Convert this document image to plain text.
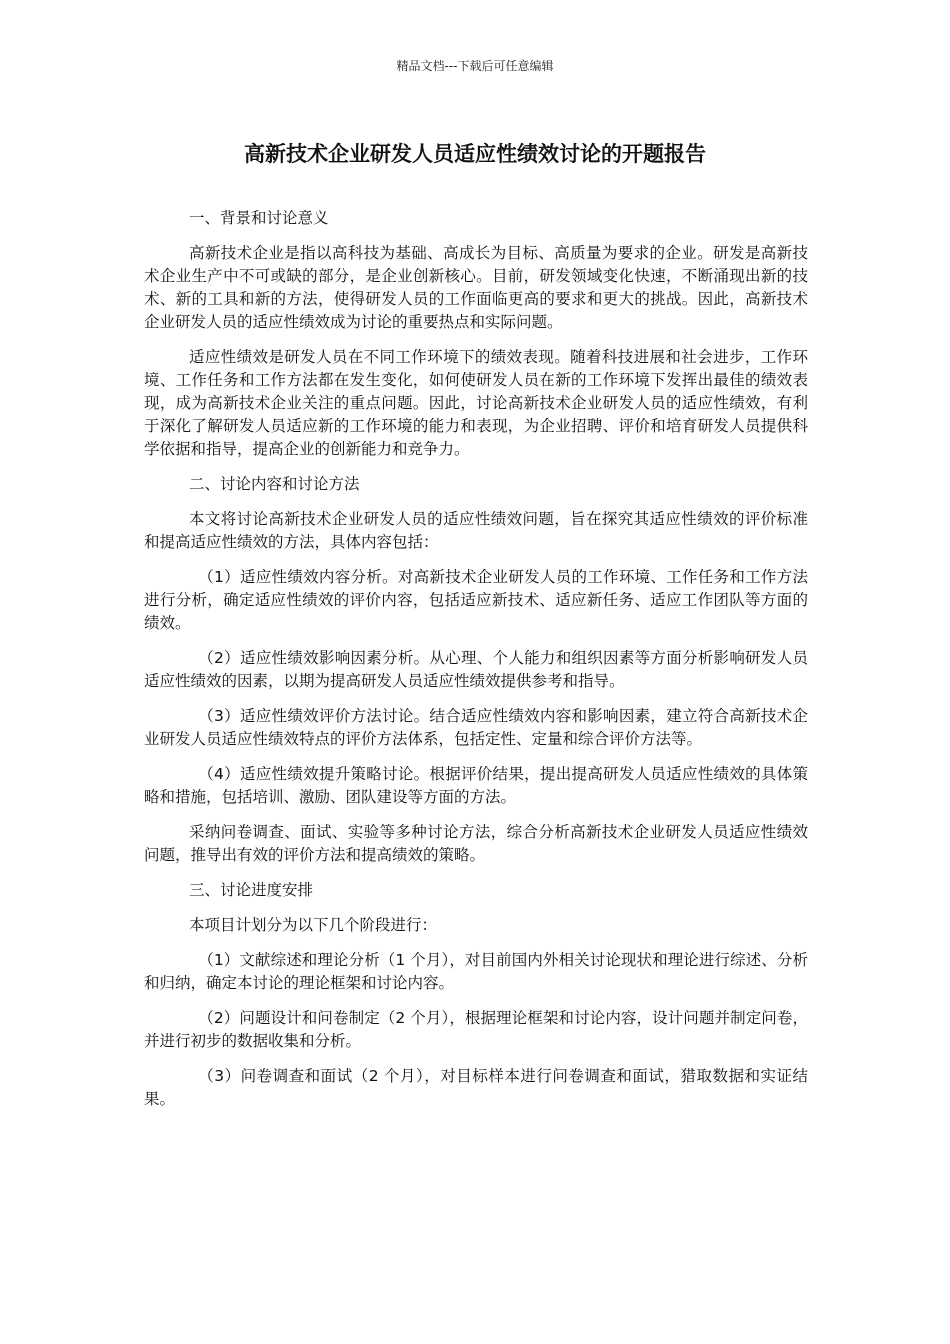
精品文档---下载后可任意编辑
高新技术企业研发人员适应性绩效讨论的开题报告

一、背景和讨论意义

高新技术企业是指以高科技为基础、高成长为目标、高质量为要求的企业。研发是高新技术企业生产中不可或缺的部分，是企业创新核心。目前，研发领域变化快速，不断涌现出新的技术、新的工具和新的方法，使得研发人员的工作面临更高的要求和更大的挑战。因此，高新技术企业研发人员的适应性绩效成为讨论的重要热点和实际问题。

适应性绩效是研发人员在不同工作环境下的绩效表现。随着科技进展和社会进步，工作环境、工作任务和工作方法都在发生变化，如何使研发人员在新的工作环境下发挥出最佳的绩效表现，成为高新技术企业关注的重点问题。因此，讨论高新技术企业研发人员的适应性绩效，有利于深化了解研发人员适应新的工作环境的能力和表现，为企业招聘、评价和培育研发人员提供科学依据和指导，提高企业的创新能力和竞争力。

二、讨论内容和讨论方法

本文将讨论高新技术企业研发人员的适应性绩效问题，旨在探究其适应性绩效的评价标准和提高适应性绩效的方法，具体内容包括：

（1）适应性绩效内容分析。对高新技术企业研发人员的工作环境、工作任务和工作方法进行分析，确定适应性绩效的评价内容，包括适应新技术、适应新任务、适应工作团队等方面的绩效。

（2）适应性绩效影响因素分析。从心理、个人能力和组织因素等方面分析影响研发人员适应性绩效的因素，以期为提高研发人员适应性绩效提供参考和指导。

（3）适应性绩效评价方法讨论。结合适应性绩效内容和影响因素，建立符合高新技术企业研发人员适应性绩效特点的评价方法体系，包括定性、定量和综合评价方法等。

（4）适应性绩效提升策略讨论。根据评价结果，提出提高研发人员适应性绩效的具体策略和措施，包括培训、激励、团队建设等方面的方法。

采纳问卷调查、面试、实验等多种讨论方法，综合分析高新技术企业研发人员适应性绩效问题，推导出有效的评价方法和提高绩效的策略。

三、讨论进度安排

本项目计划分为以下几个阶段进行：

（1）文献综述和理论分析（1 个月），对目前国内外相关讨论现状和理论进行综述、分析和归纳，确定本讨论的理论框架和讨论内容。

（2）问题设计和问卷制定（2 个月），根据理论框架和讨论内容，设计问题并制定问卷，并进行初步的数据收集和分析。

（3）问卷调查和面试（2 个月），对目标样本进行问卷调查和面试，猎取数据和实证结果。
